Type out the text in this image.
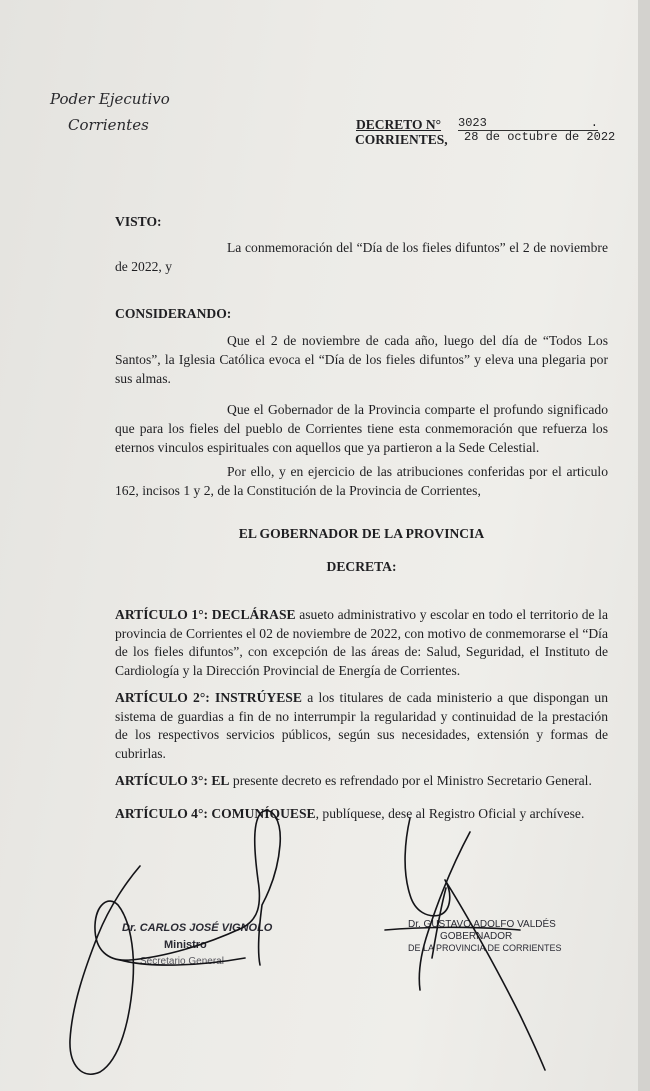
Poder Ejecutivo
Corrientes	DECRETO N° 3023	.
CORRIENTES, 28 de octubre de 2022
VISTO:
La conmemoración del “Día de los fieles difuntos” el 2 de noviembre de 2022, y
CONSIDERANDO:
Que el 2 de noviembre de cada año, luego del día de “Todos Los Santos”, la Iglesia Católica evoca el “Día de los fieles difuntos” y eleva una plegaria por sus almas.
Que el Gobernador de la Provincia comparte el profundo significado que para los fieles del pueblo de Corrientes tiene esta conmemoración que refuerza los eternos vinculos espirituales con aquellos que ya partieron a la Sede Celestial.
Por ello, y en ejercicio de las atribuciones conferidas por el articulo 162, incisos 1 y 2, de la Constitución de la Provincia de Corrientes,
EL GOBERNADOR DE LA PROVINCIA
DECRETA:
ARTÍCULO 1°: DECLÁRASE asueto administrativo y escolar en todo el territorio de la provincia de Corrientes el 02 de noviembre de 2022, con motivo de conmemorarse el “Día de los fieles difuntos”, con excepción de las áreas de: Salud, Seguridad, el Instituto de Cardiología y la Dirección Provincial de Energía de Corrientes.
ARTÍCULO 2°: INSTRÚYESE a los titulares de cada ministerio a que dispongan un sistema de guardias a fin de no interrumpir la regularidad y continuidad de la prestación de los respectivos servicios públicos, según sus necesidades, extensión y formas de cubrirlas.
ARTÍCULO 3°: EL presente decreto es refrendado por el Ministro Secretario General.
ARTÍCULO 4°: COMUNÍQUESE, publíquese, dese al Registro Oficial y archívese.
Dr. CARLOS JOSÉ VIGNOLO
Ministro
Secretario General
Dr. GUSTAVO ADOLFO VALDÉS
GOBERNADOR
DE LA PROVINCIA DE CORRIENTES
